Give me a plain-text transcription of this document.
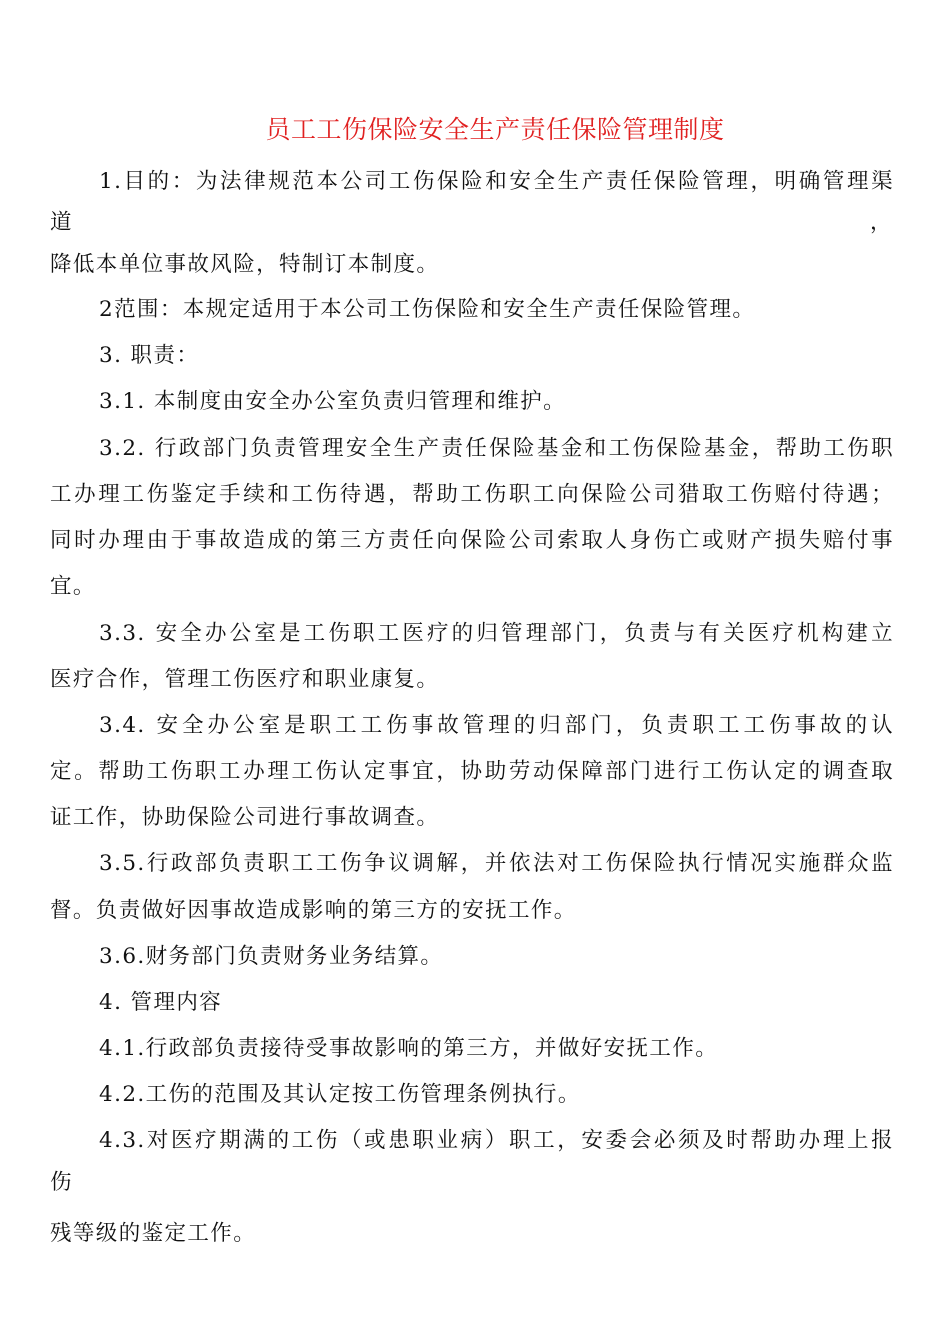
员工工伤保险安全生产责任保险管理制度
1.目的：为法律规范本公司工伤保险和安全生产责任保险管理，明确管理渠
道	，
降低本单位事故风险，特制订本制度。
2范围：本规定适用于本公司工伤保险和安全生产责任保险管理。
3. 职责：
3.1. 本制度由安全办公室负责归管理和维护。
3.2. 行政部门负责管理安全生产责任保险基金和工伤保险基金，帮助工伤职
工办理工伤鉴定手续和工伤待遇，帮助工伤职工向保险公司猎取工伤赔付待遇；
同时办理由于事故造成的第三方责任向保险公司索取人身伤亡或财产损失赔付事
宜。
3.3. 安全办公室是工伤职工医疗的归管理部门，负责与有关医疗机构建立
医疗合作，管理工伤医疗和职业康复。
3.4. 安全办公室是职工工伤事故管理的归部门，负责职工工伤事故的认
定。帮助工伤职工办理工伤认定事宜，协助劳动保障部门进行工伤认定的调查取
证工作，协助保险公司进行事故调查。
3.5.行政部负责职工工伤争议调解，并依法对工伤保险执行情况实施群众监
督。负责做好因事故造成影响的第三方的安抚工作。
3.6.财务部门负责财务业务结算。
4. 管理内容
4.1.行政部负责接待受事故影响的第三方，并做好安抚工作。
4.2.工伤的范围及其认定按工伤管理条例执行。
4.3.对医疗期满的工伤（或患职业病）职工，安委会必须及时帮助办理上报
伤
残等级的鉴定工作。
